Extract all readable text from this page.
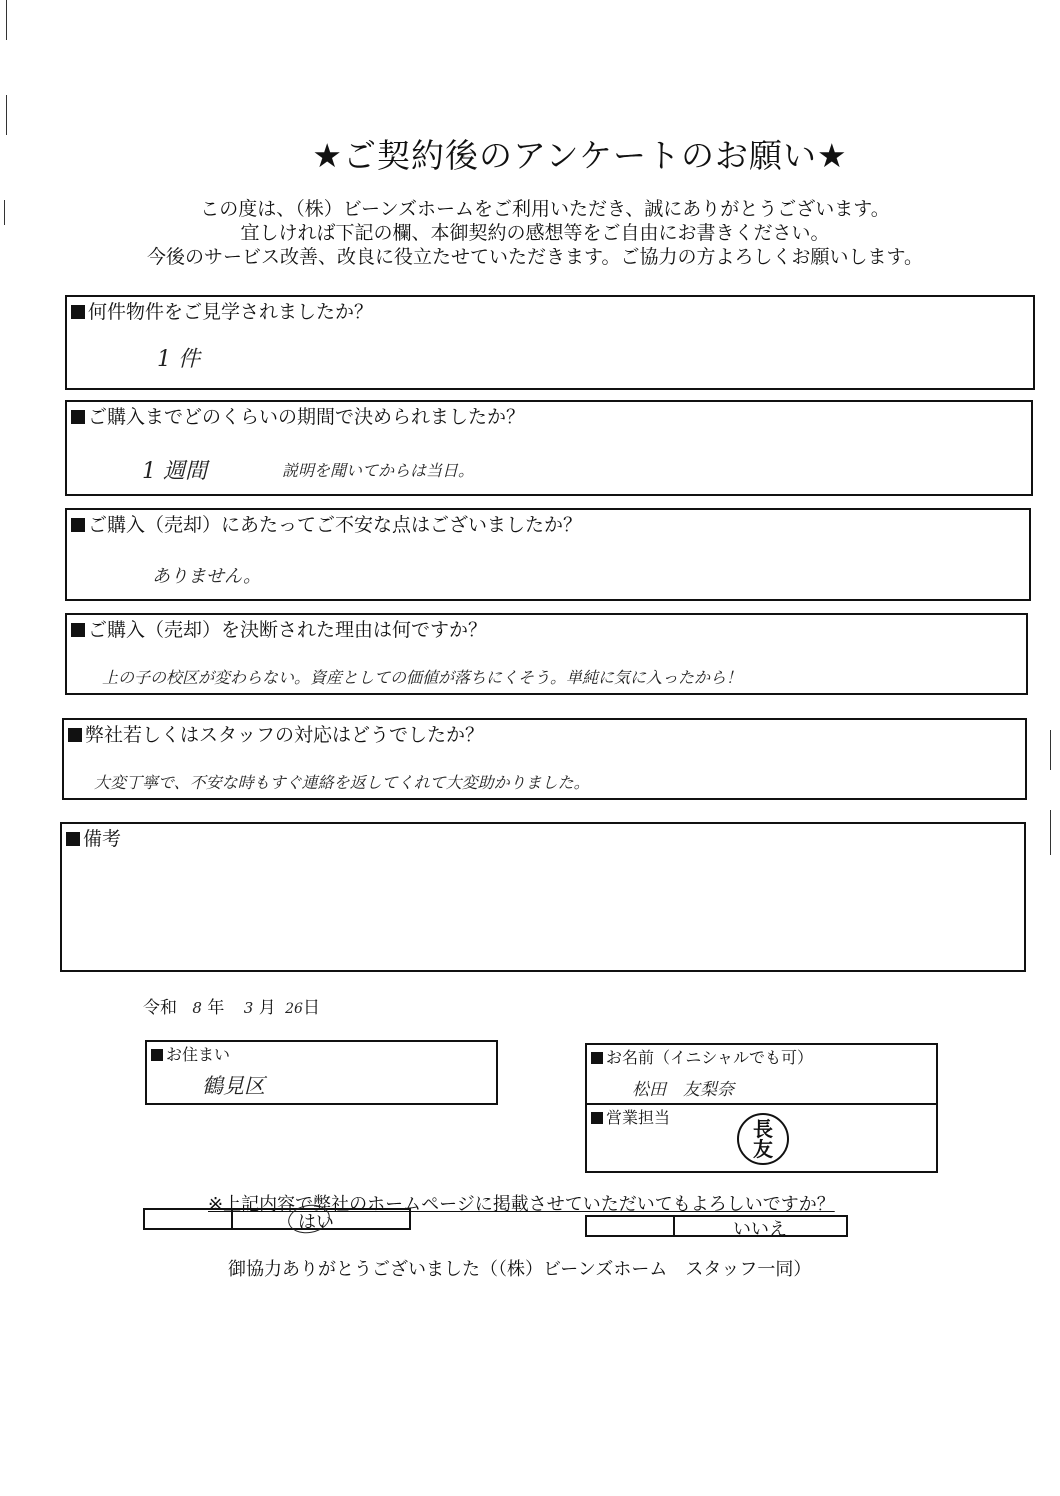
★ご契約後のアンケートのお願い★
この度は、（株）ビーンズホームをご利用いただき、誠にありがとうございます。
宜しければ下記の欄、本御契約の感想等をご自由にお書きください。
今後のサービス改善、改良に役立たせていただきます。ご協力の方よろしくお願いします。
何件物件をご見学されましたか？
1 件
ご購入までどのくらいの期間で決められましたか？
1 週間	説明を聞いてからは当日。
ご購入（売却）にあたってご不安な点はございましたか？
ありません。
ご購入（売却）を決断された理由は何ですか？
上の子の校区が変わらない。資産としての価値が落ちにくそう。単純に気に入ったから！
弊社若しくはスタッフの対応はどうでしたか？
大変丁寧で、不安な時もすぐ連絡を返してくれて大変助かりました。
備考
令和 8 年 3 月 26日
お住まい
鶴見区
お名前（イニシャルでも可）
松田　友梨奈
営業担当	長
友
※上記内容で弊社のホームページに掲載させていただいてもよろしいですか？
はい	いいえ
御協力ありがとうございました（（株）ビーンズホーム　スタッフ一同）
